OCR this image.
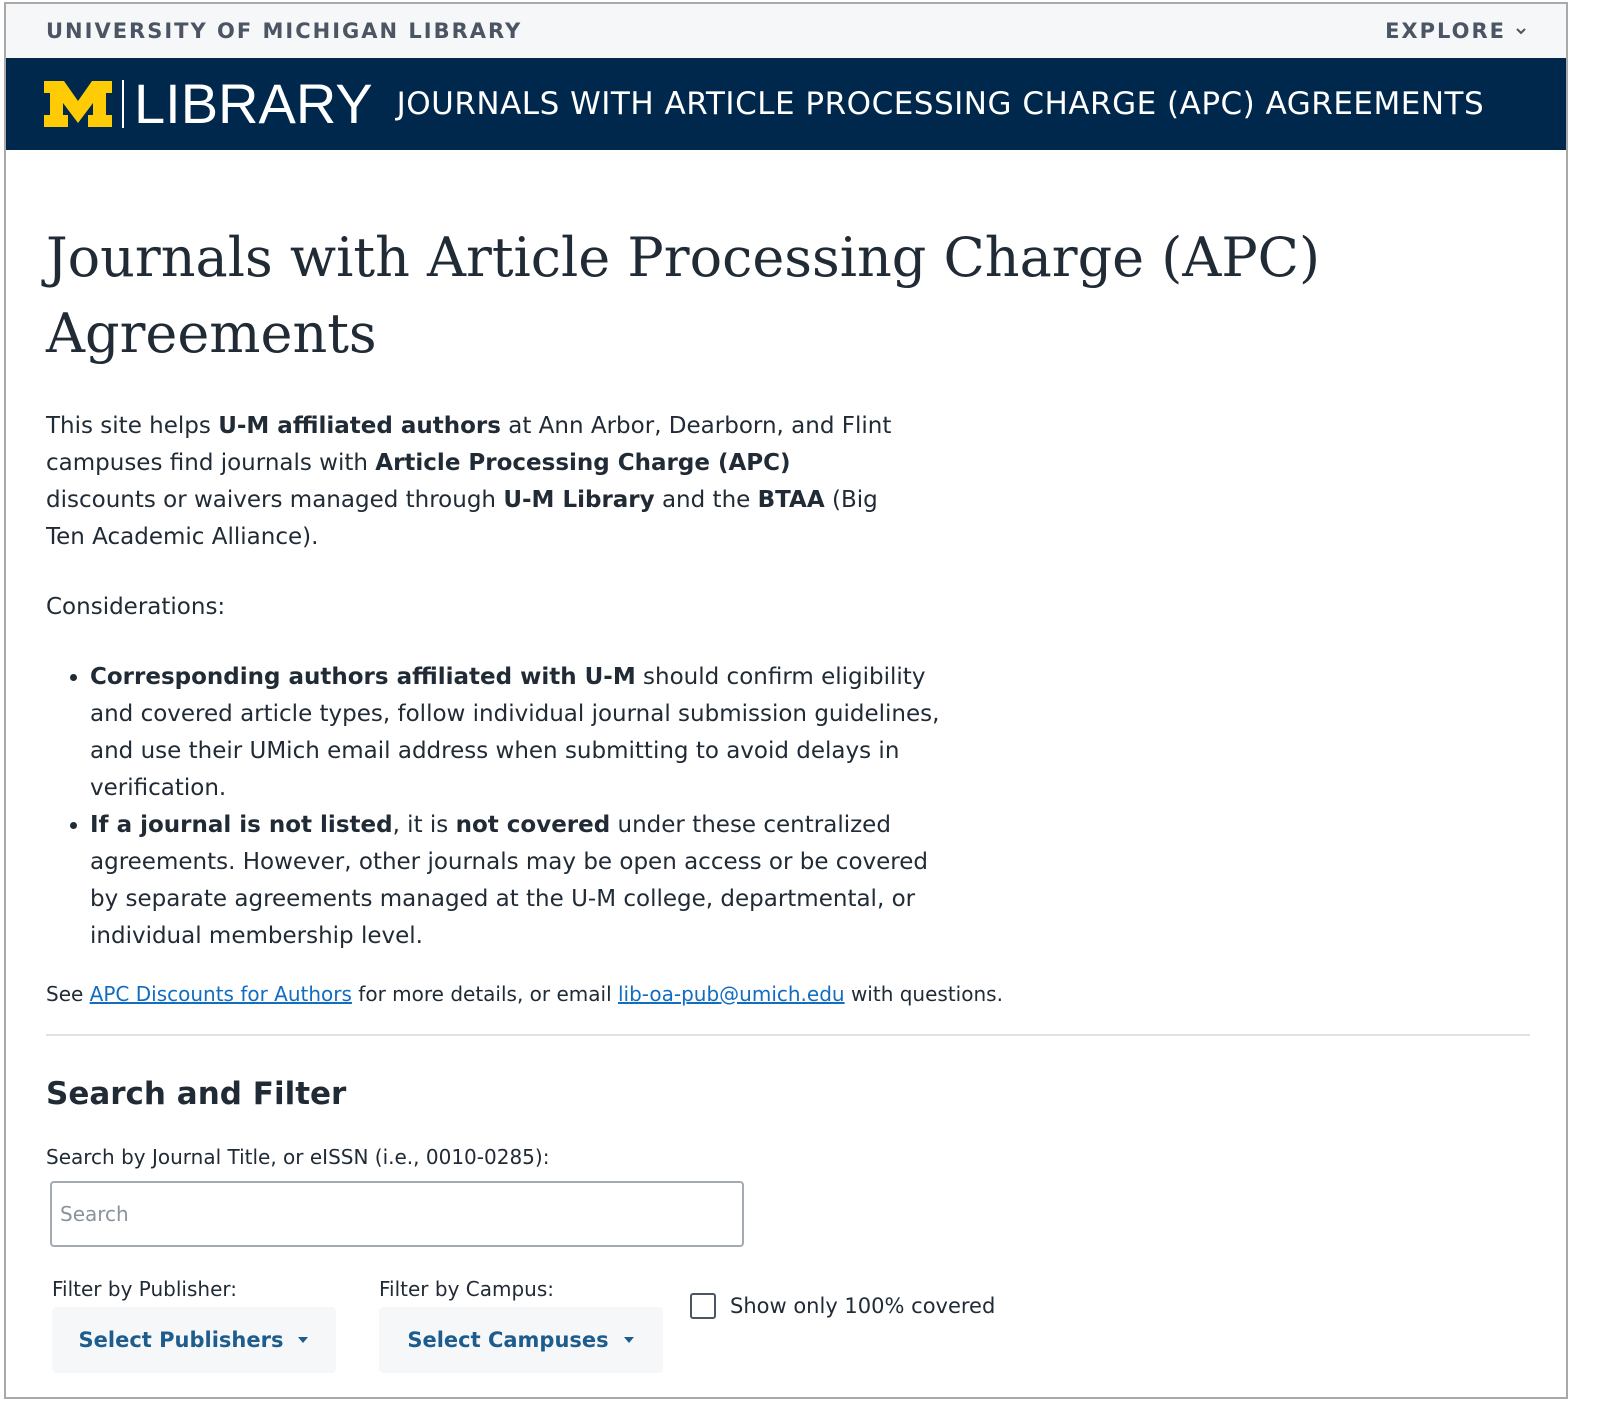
UNIVERSITY OF MICHIGAN LIBRARY	EXPLORE
LIBRARY JOURNALS WITH ARTICLE PROCESSING CHARGE (APC) AGREEMENTS
Journals with Article Processing Charge (APC) Agreements

This site helps U-M affiliated authors at Ann Arbor, Dearborn, and Flint campuses find journals with Article Processing Charge (APC) discounts or waivers managed through U-M Library and the BTAA (Big Ten Academic Alliance).

Considerations:

• Corresponding authors affiliated with U-M should confirm eligibility and covered article types, follow individual journal submission guidelines, and use their UMich email address when submitting to avoid delays in verification.
• If a journal is not listed, it is not covered under these centralized agreements. However, other journals may be open access or be covered by separate agreements managed at the U-M college, departmental, or individual membership level.

See APC Discounts for Authors for more details, or email lib-oa-pub@umich.edu with questions.

Search and Filter
Search by Journal Title, or eISSN (i.e., 0010-0285):
Search
Filter by Publisher:
Select Publishers
Filter by Campus:
Select Campuses
Show only 100% covered
